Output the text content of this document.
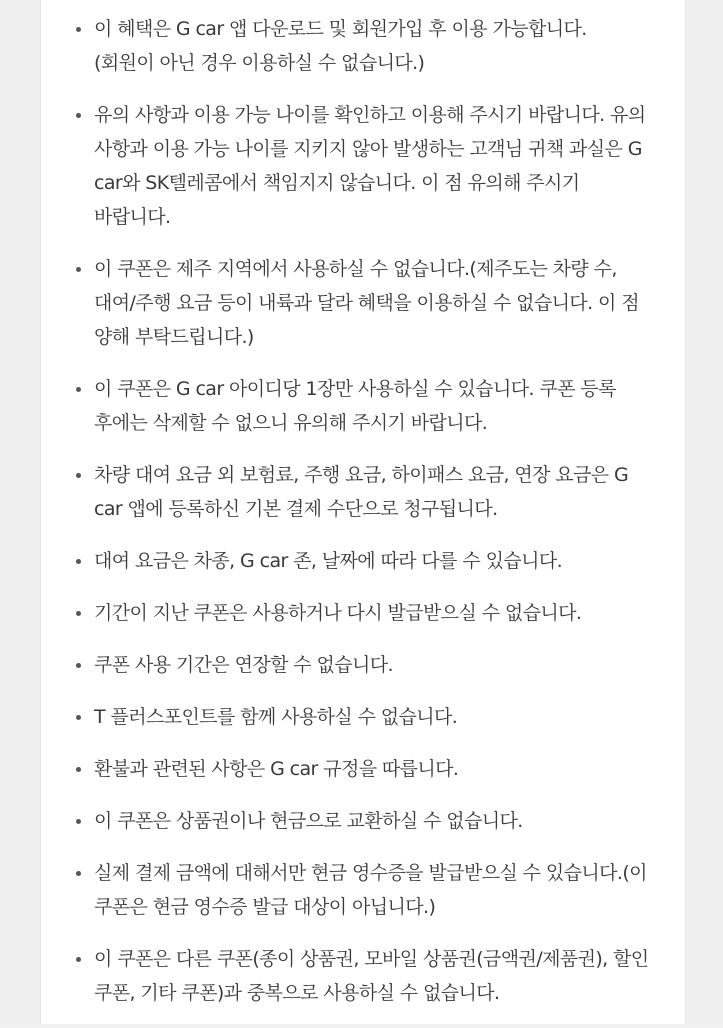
이 혜택은 G car 앱 다운로드 및 회원가입 후 이용 가능합니다. (회원이 아닌 경우 이용하실 수 없습니다.)
유의 사항과 이용 가능 나이를 확인하고 이용해 주시기 바랍니다. 유의 사항과 이용 가능 나이를 지키지 않아 발생하는 고객님 귀책 과실은 G car와 SK텔레콤에서 책임지지 않습니다. 이 점 유의해 주시기 바랍니다.
이 쿠폰은 제주 지역에서 사용하실 수 없습니다.(제주도는 차량 수, 대여/주행 요금 등이 내륙과 달라 혜택을 이용하실 수 없습니다. 이 점 양해 부탁드립니다.)
이 쿠폰은 G car 아이디당 1장만 사용하실 수 있습니다. 쿠폰 등록 후에는 삭제할 수 없으니 유의해 주시기 바랍니다.
차량 대여 요금 외 보험료, 주행 요금, 하이패스 요금, 연장 요금은 G car 앱에 등록하신 기본 결제 수단으로 청구됩니다.
대여 요금은 차종, G car 존, 날짜에 따라 다를 수 있습니다.
기간이 지난 쿠폰은 사용하거나 다시 발급받으실 수 없습니다.
쿠폰 사용 기간은 연장할 수 없습니다.
T 플러스포인트를 함께 사용하실 수 없습니다.
환불과 관련된 사항은 G car 규정을 따릅니다.
이 쿠폰은 상품권이나 현금으로 교환하실 수 없습니다.
실제 결제 금액에 대해서만 현금 영수증을 발급받으실 수 있습니다.(이 쿠폰은 현금 영수증 발급 대상이 아닙니다.)
이 쿠폰은 다른 쿠폰(종이 상품권, 모바일 상품권(금액권/제품권), 할인 쿠폰, 기타 쿠폰)과 중복으로 사용하실 수 없습니다.
